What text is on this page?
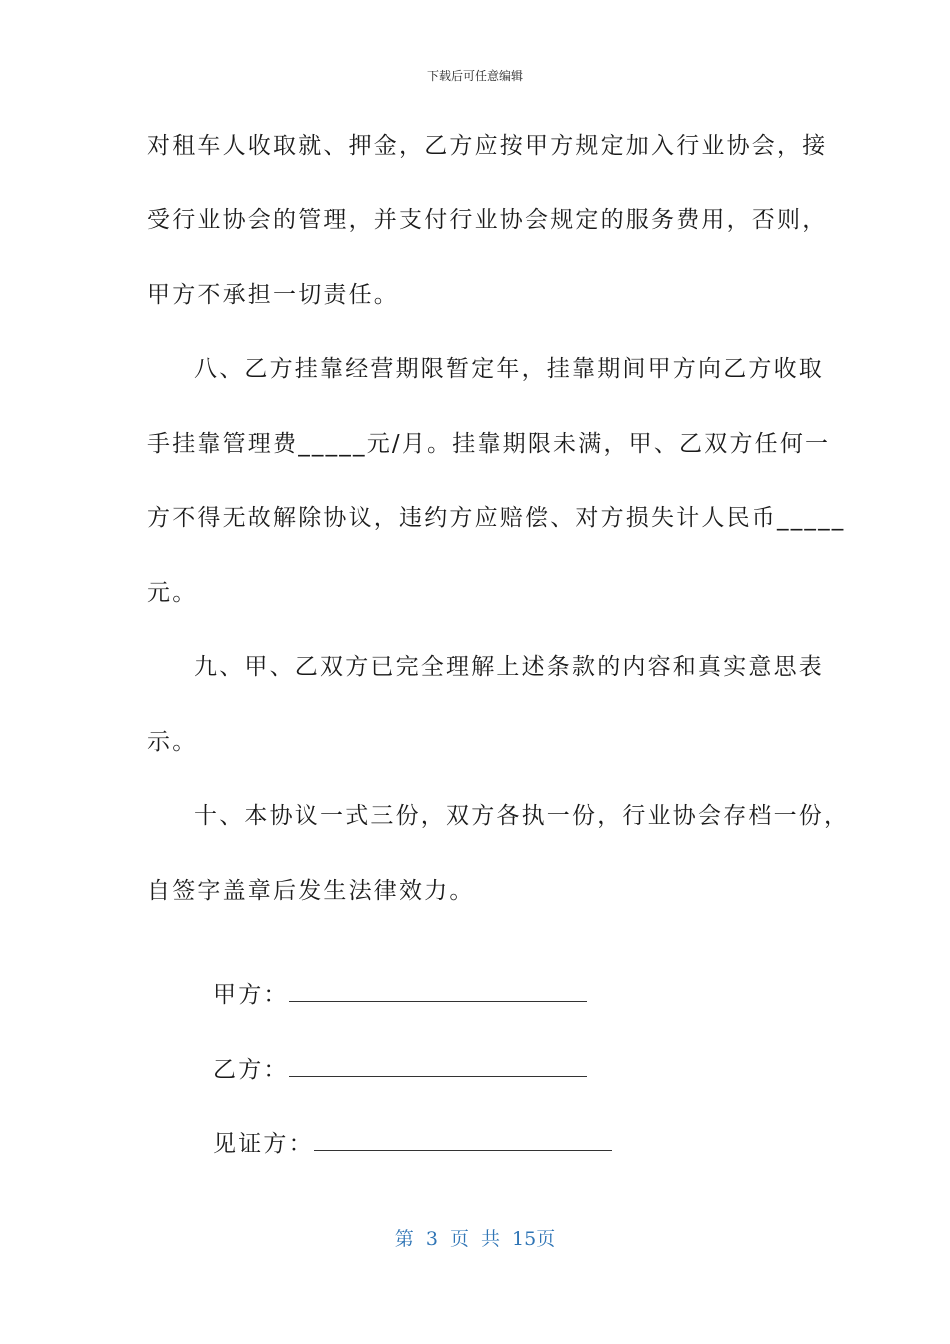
下载后可任意编辑
对租车人收取就、押金，乙方应按甲方规定加入行业协会，接
受行业协会的管理，并支付行业协会规定的服务费用，否则，
甲方不承担一切责任。
八、乙方挂靠经营期限暂定年，挂靠期间甲方向乙方收取
手挂靠管理费_____元/月。挂靠期限未满，甲、乙双方任何一
方不得无故解除协议，违约方应赔偿、对方损失计人民币_____
元。
九、甲、乙双方已完全理解上述条款的内容和真实意思表
示。
十、本协议一式三份，双方各执一份，行业协会存档一份，
自签字盖章后发生法律效力。

甲方：

乙方：

见证方：

第 3 页 共 15页
